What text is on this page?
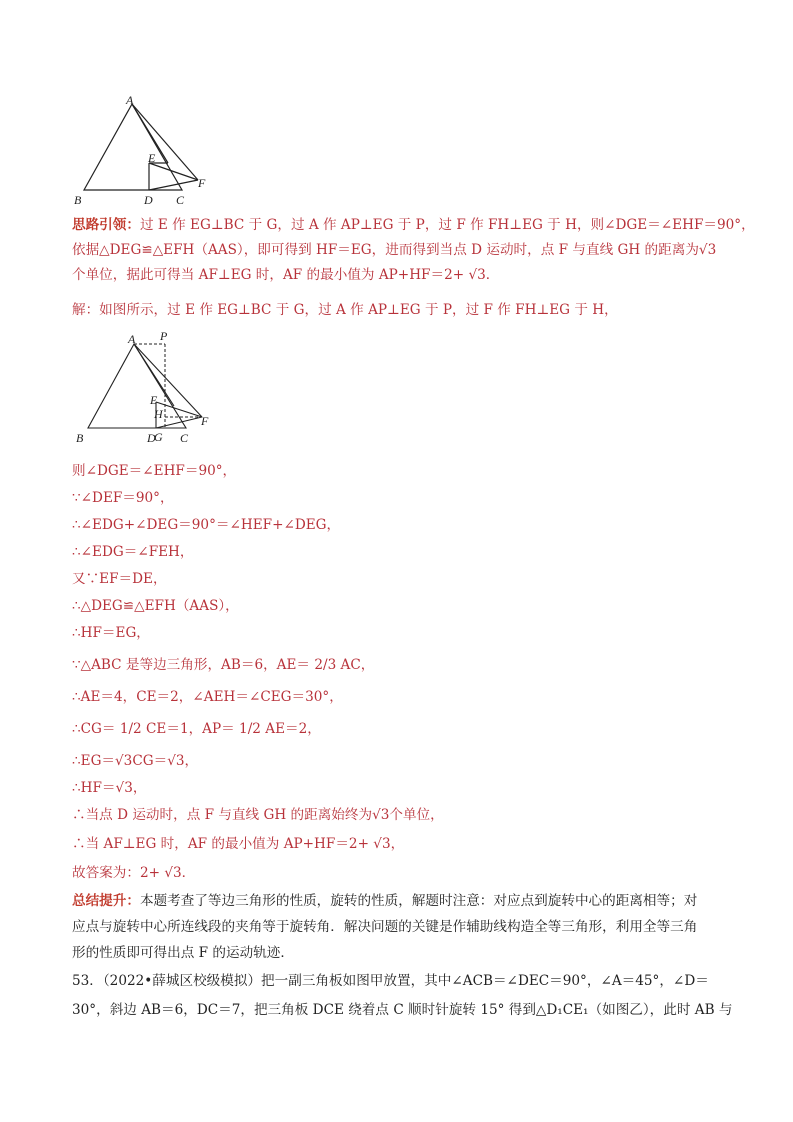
A
E
F
B	D C
思路引领：过 E 作 EG⊥BC 于 G，过 A 作 AP⊥EG 于 P，过 F 作 FH⊥EG 于 H，则∠DGE＝∠EHF＝90°，
依据△DEG≌△EFH（AAS），即可得到 HF＝EG，进而得到当点 D 运动时，点 F 与直线 GH 的距离为√3
个单位，据此可得当 AF⊥EG 时，AF 的最小值为 AP+HF＝2+ √3．
解：如图所示，过 E 作 EG⊥BC 于 G，过 A 作 AP⊥EG 于 P，过 F 作 FH⊥EG 于 H，
A P
E
H	F
B	D
G C
则∠DGE＝∠EHF＝90°，
∵∠DEF＝90°，
∴∠EDG+∠DEG＝90°＝∠HEF+∠DEG，
∴∠EDG＝∠FEH，
又∵EF＝DE，
∴△DEG≌△EFH（AAS），
∴HF＝EG，
∵△ABC 是等边三角形，AB＝6，AE＝ 2/3 AC，
∴AE＝4，CE＝2，∠AEH＝∠CEG＝30°，
∴CG＝ 1/2 CE＝1，AP＝ 1/2 AE＝2，
∴EG＝√3CG＝√3，
∴HF＝√3，
∴当点 D 运动时，点 F 与直线 GH 的距离始终为√3个单位，
∴当 AF⊥EG 时，AF 的最小值为 AP+HF＝2+ √3，
故答案为：2+ √3．
总结提升：本题考查了等边三角形的性质，旋转的性质，解题时注意：对应点到旋转中心的距离相等；对
应点与旋转中心所连线段的夹角等于旋转角．解决问题的关键是作辅助线构造全等三角形，利用全等三角
形的性质即可得出点 F 的运动轨迹．
53．（2022•薛城区校级模拟）把一副三角板如图甲放置，其中∠ACB＝∠DEC＝90°，∠A＝45°，∠D＝
30°，斜边 AB＝6，DC＝7，把三角板 DCE 绕着点 C 顺时针旋转 15° 得到△D₁CE₁（如图乙），此时 AB 与
